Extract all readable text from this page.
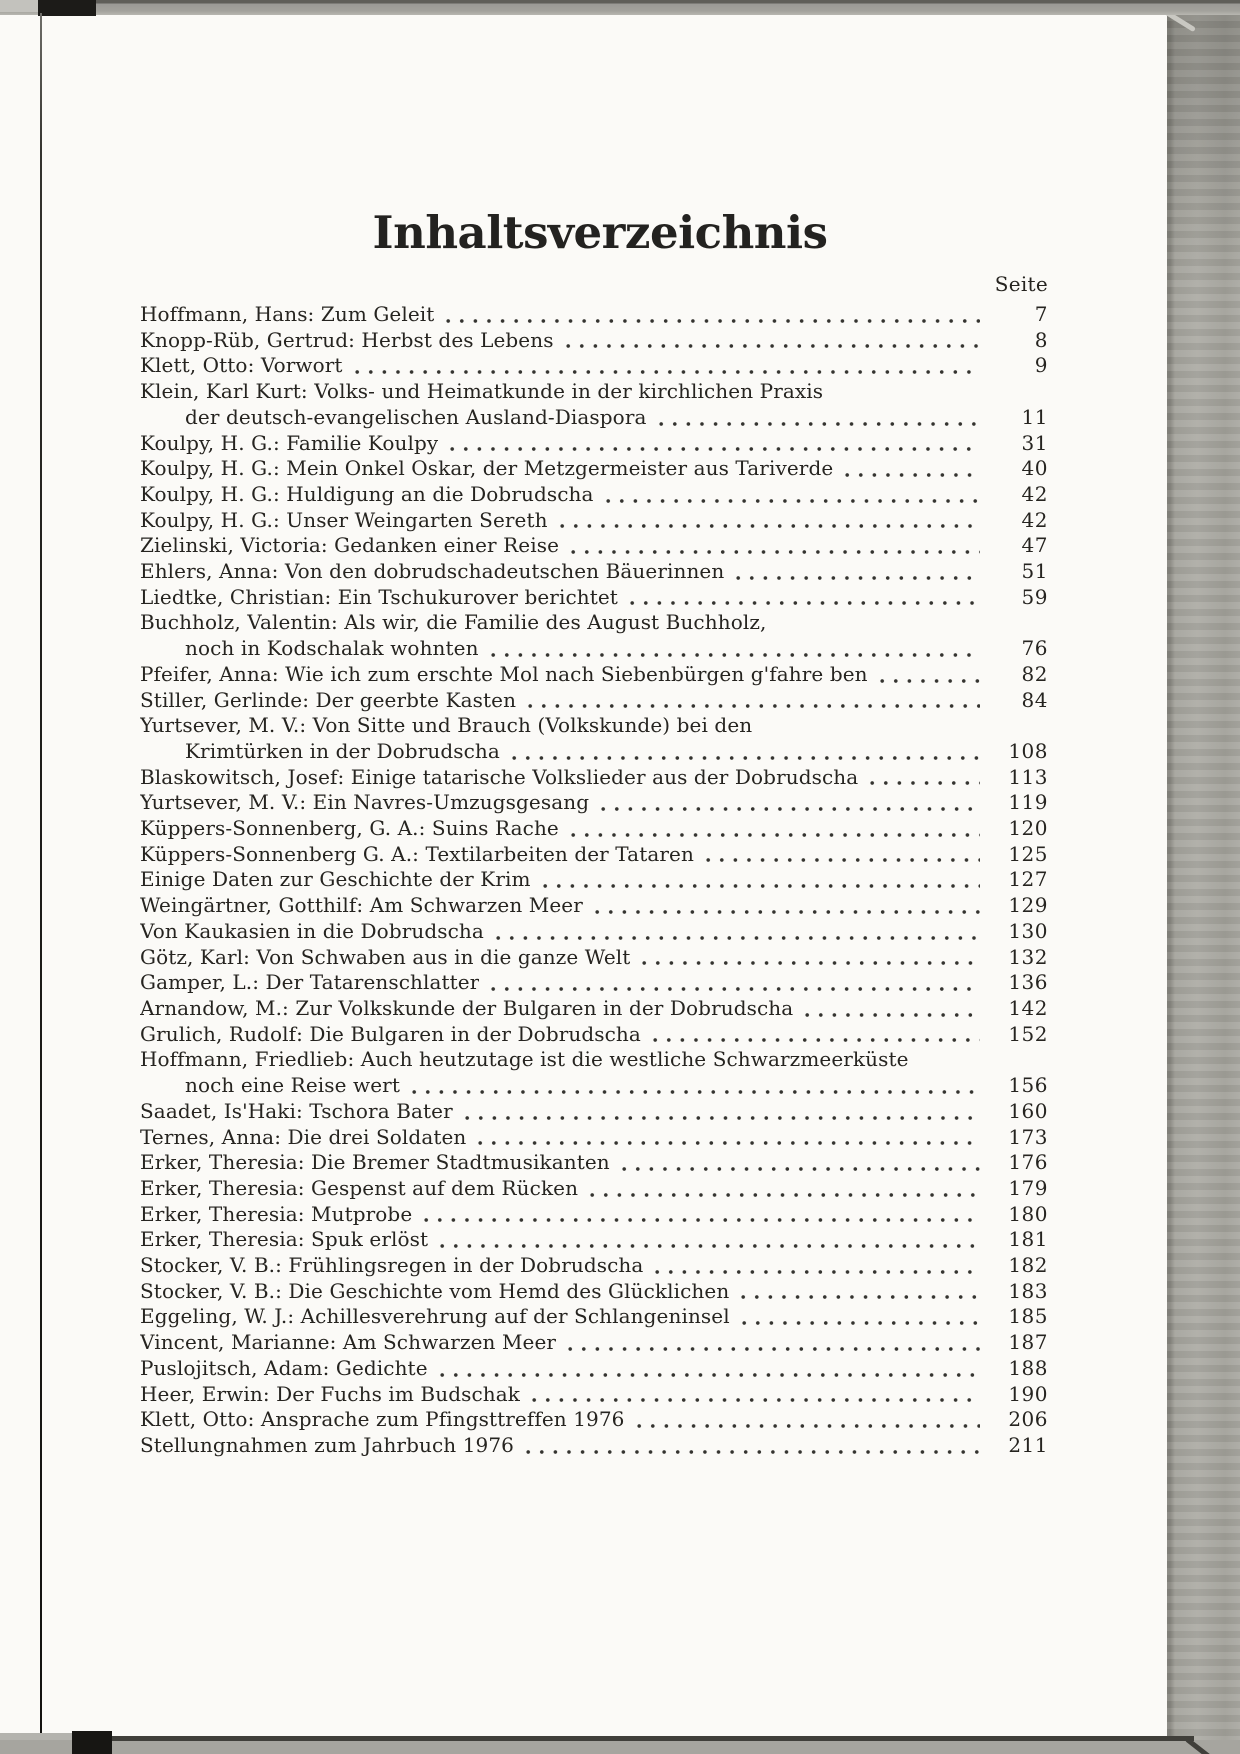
Inhaltsverzeichnis
Seite
Hoffmann, Hans: Zum Geleit	7
Knopp-Rüb, Gertrud: Herbst des Lebens	8
Klett, Otto: Vorwort	9
Klein, Karl Kurt: Volks- und Heimatkunde in der kirchlichen Praxis
der deutsch-evangelischen Ausland-Diaspora	11
Koulpy, H. G.: Familie Koulpy	31
Koulpy, H. G.: Mein Onkel Oskar, der Metzgermeister aus Tariverde	40
Koulpy, H. G.: Huldigung an die Dobrudscha	42
Koulpy, H. G.: Unser Weingarten Sereth	42
Zielinski, Victoria: Gedanken einer Reise	47
Ehlers, Anna: Von den dobrudschadeutschen Bäuerinnen	51
Liedtke, Christian: Ein Tschukurover berichtet	59
Buchholz, Valentin: Als wir, die Familie des August Buchholz,
noch in Kodschalak wohnten	76
Pfeifer, Anna: Wie ich zum erschte Mol nach Siebenbürgen g'fahre ben	82
Stiller, Gerlinde: Der geerbte Kasten	84
Yurtsever, M. V.: Von Sitte und Brauch (Volkskunde) bei den
Krimtürken in der Dobrudscha	108
Blaskowitsch, Josef: Einige tatarische Volkslieder aus der Dobrudscha	113
Yurtsever, M. V.: Ein Navres-Umzugsgesang	119
Küppers-Sonnenberg, G. A.: Suins Rache	120
Küppers-Sonnenberg G. A.: Textilarbeiten der Tataren	125
Einige Daten zur Geschichte der Krim	127
Weingärtner, Gotthilf: Am Schwarzen Meer	129
Von Kaukasien in die Dobrudscha	130
Götz, Karl: Von Schwaben aus in die ganze Welt	132
Gamper, L.: Der Tatarenschlatter	136
Arnandow, M.: Zur Volkskunde der Bulgaren in der Dobrudscha	142
Grulich, Rudolf: Die Bulgaren in der Dobrudscha	152
Hoffmann, Friedlieb: Auch heutzutage ist die westliche Schwarzmeerküste
noch eine Reise wert	156
Saadet, Is'Haki: Tschora Bater	160
Ternes, Anna: Die drei Soldaten	173
Erker, Theresia: Die Bremer Stadtmusikanten	176
Erker, Theresia: Gespenst auf dem Rücken	179
Erker, Theresia: Mutprobe	180
Erker, Theresia: Spuk erlöst	181
Stocker, V. B.: Frühlingsregen in der Dobrudscha	182
Stocker, V. B.: Die Geschichte vom Hemd des Glücklichen	183
Eggeling, W. J.: Achillesverehrung auf der Schlangeninsel	185
Vincent, Marianne: Am Schwarzen Meer	187
Puslojitsch, Adam: Gedichte	188
Heer, Erwin: Der Fuchs im Budschak	190
Klett, Otto: Ansprache zum Pfingsttreffen 1976	206
Stellungnahmen zum Jahrbuch 1976	211
